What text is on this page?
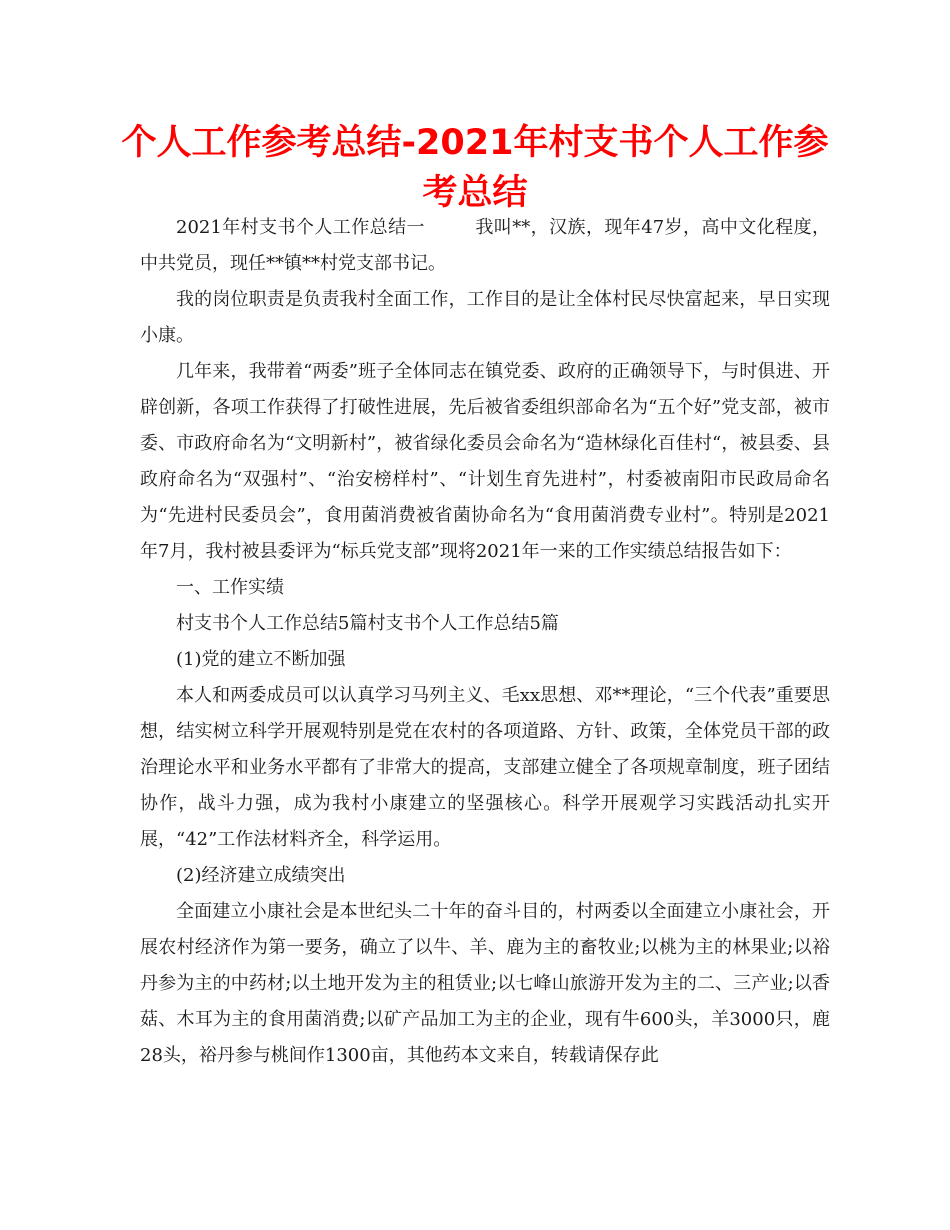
个人工作参考总结-2021年村支书个人工作参考总结

2021年村支书个人工作总结一	我叫**，汉族，现年47岁，高中文化程度，中共党员，现任**镇**村党支部书记。

我的岗位职责是负责我村全面工作，工作目的是让全体村民尽快富起来，早日实现小康。

几年来，我带着“两委”班子全体同志在镇党委、政府的正确领导下，与时俱进、开辟创新，各项工作获得了打破性进展，先后被省委组织部命名为“五个好”党支部，被市委、市政府命名为“文明新村”，被省绿化委员会命名为“造林绿化百佳村“，被县委、县政府命名为“双强村”、“治安榜样村”、“计划生育先进村”，村委被南阳市民政局命名为“先进村民委员会”，食用菌消费被省菌协命名为“食用菌消费专业村”。特别是2021年7月，我村被县委评为“标兵党支部”现将2021年一来的工作实绩总结报告如下：

一、工作实绩

村支书个人工作总结5篇村支书个人工作总结5篇

(1)党的建立不断加强

本人和两委成员可以认真学习马列主义、毛xx思想、邓**理论，“三个代表”重要思想，结实树立科学开展观特别是党在农村的各项道路、方针、政策，全体党员干部的政治理论水平和业务水平都有了非常大的提高，支部建立健全了各项规章制度，班子团结协作，战斗力强，成为我村小康建立的坚强核心。科学开展观学习实践活动扎实开展，“42”工作法材料齐全，科学运用。

(2)经济建立成绩突出

全面建立小康社会是本世纪头二十年的奋斗目的，村两委以全面建立小康社会，开展农村经济作为第一要务，确立了以牛、羊、鹿为主的畜牧业;以桃为主的林果业;以裕丹参为主的中药材;以土地开发为主的租赁业;以七峰山旅游开发为主的二、三产业;以香菇、木耳为主的食用菌消费;以矿产品加工为主的企业，现有牛600头，羊3000只，鹿28头，裕丹参与桃间作1300亩，其他药本文来自，转载请保存此
